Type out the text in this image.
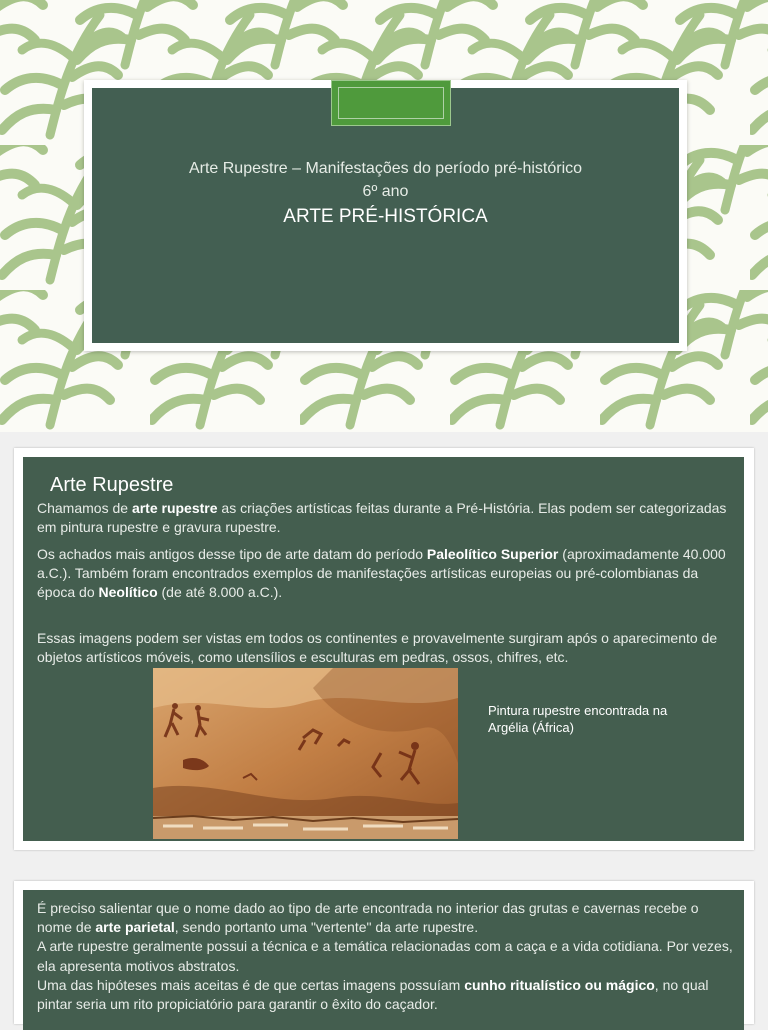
Arte Rupestre – Manifestações do período pré-histórico
6º ano
ARTE PRÉ-HISTÓRICA
Arte Rupestre

Chamamos de arte rupestre as criações artísticas feitas durante a Pré-História. Elas podem ser categorizadas em pintura rupestre e gravura rupestre.

Os achados mais antigos desse tipo de arte datam do período Paleolítico Superior (aproximadamente 40.000 a.C.). Também foram encontrados exemplos de manifestações artísticas europeias ou pré-colombianas da época do Neolítico (de até 8.000 a.C.).

Essas imagens podem ser vistas em todos os continentes e provavelmente surgiram após o aparecimento de objetos artísticos móveis, como utensílios e esculturas em pedras, ossos, chifres, etc.

Pintura rupestre encontrada na Argélia (África)

É preciso salientar que o nome dado ao tipo de arte encontrada no interior das grutas e cavernas recebe o nome de arte parietal, sendo portanto uma "vertente" da arte rupestre.
A arte rupestre geralmente possui a técnica e a temática relacionadas com a caça e a vida cotidiana. Por vezes, ela apresenta motivos abstratos.
Uma das hipóteses mais aceitas é de que certas imagens possuíam cunho ritualístico ou mágico, no qual pintar seria um rito propiciatório para garantir o êxito do caçador.
